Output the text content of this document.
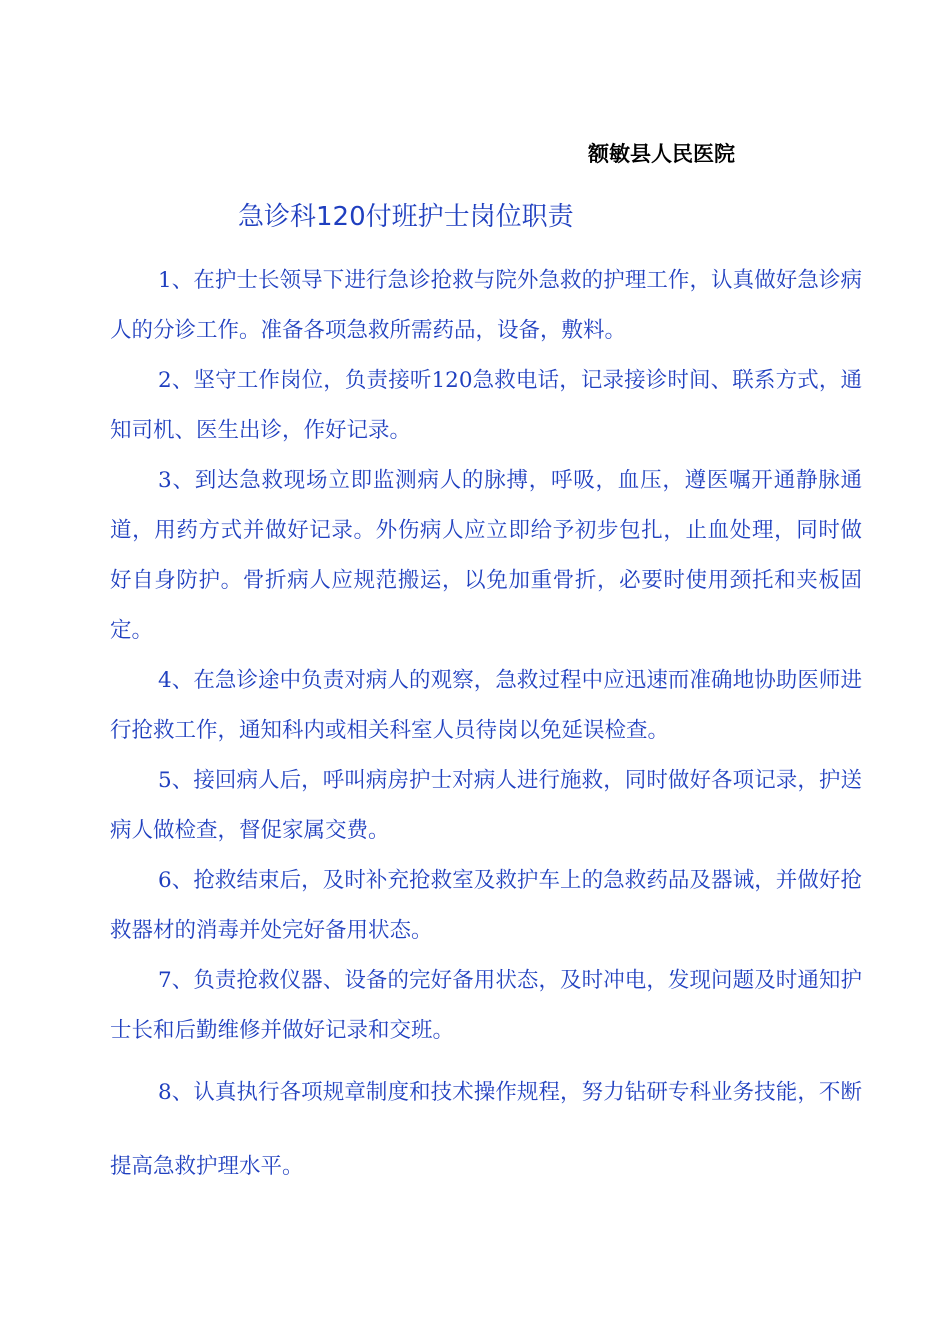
额敏县人民医院
急诊科120付班护士岗位职责
1、在护士长领导下进行急诊抢救与院外急救的护理工作，认真做好急诊病人的分诊工作。准备各项急救所需药品，设备，敷料。
2、坚守工作岗位，负责接听120急救电话，记录接诊时间、联系方式，通知司机、医生出诊，作好记录。
3、到达急救现场立即监测病人的脉搏，呼吸，血压，遵医嘱开通静脉通道，用药方式并做好记录。外伤病人应立即给予初步包扎，止血处理，同时做好自身防护。骨折病人应规范搬运，以免加重骨折，必要时使用颈托和夹板固定。
4、在急诊途中负责对病人的观察，急救过程中应迅速而准确地协助医师进行抢救工作，通知科内或相关科室人员待岗以免延误检查。
5、接回病人后，呼叫病房护士对病人进行施救，同时做好各项记录，护送病人做检查，督促家属交费。
6、抢救结束后，及时补充抢救室及救护车上的急救药品及器诫，并做好抢救器材的消毒并处完好备用状态。
7、负责抢救仪器、设备的完好备用状态，及时冲电，发现问题及时通知护士长和后勤维修并做好记录和交班。
8、认真执行各项规章制度和技术操作规程，努力钻研专科业务技能，不断提高急救护理水平。
